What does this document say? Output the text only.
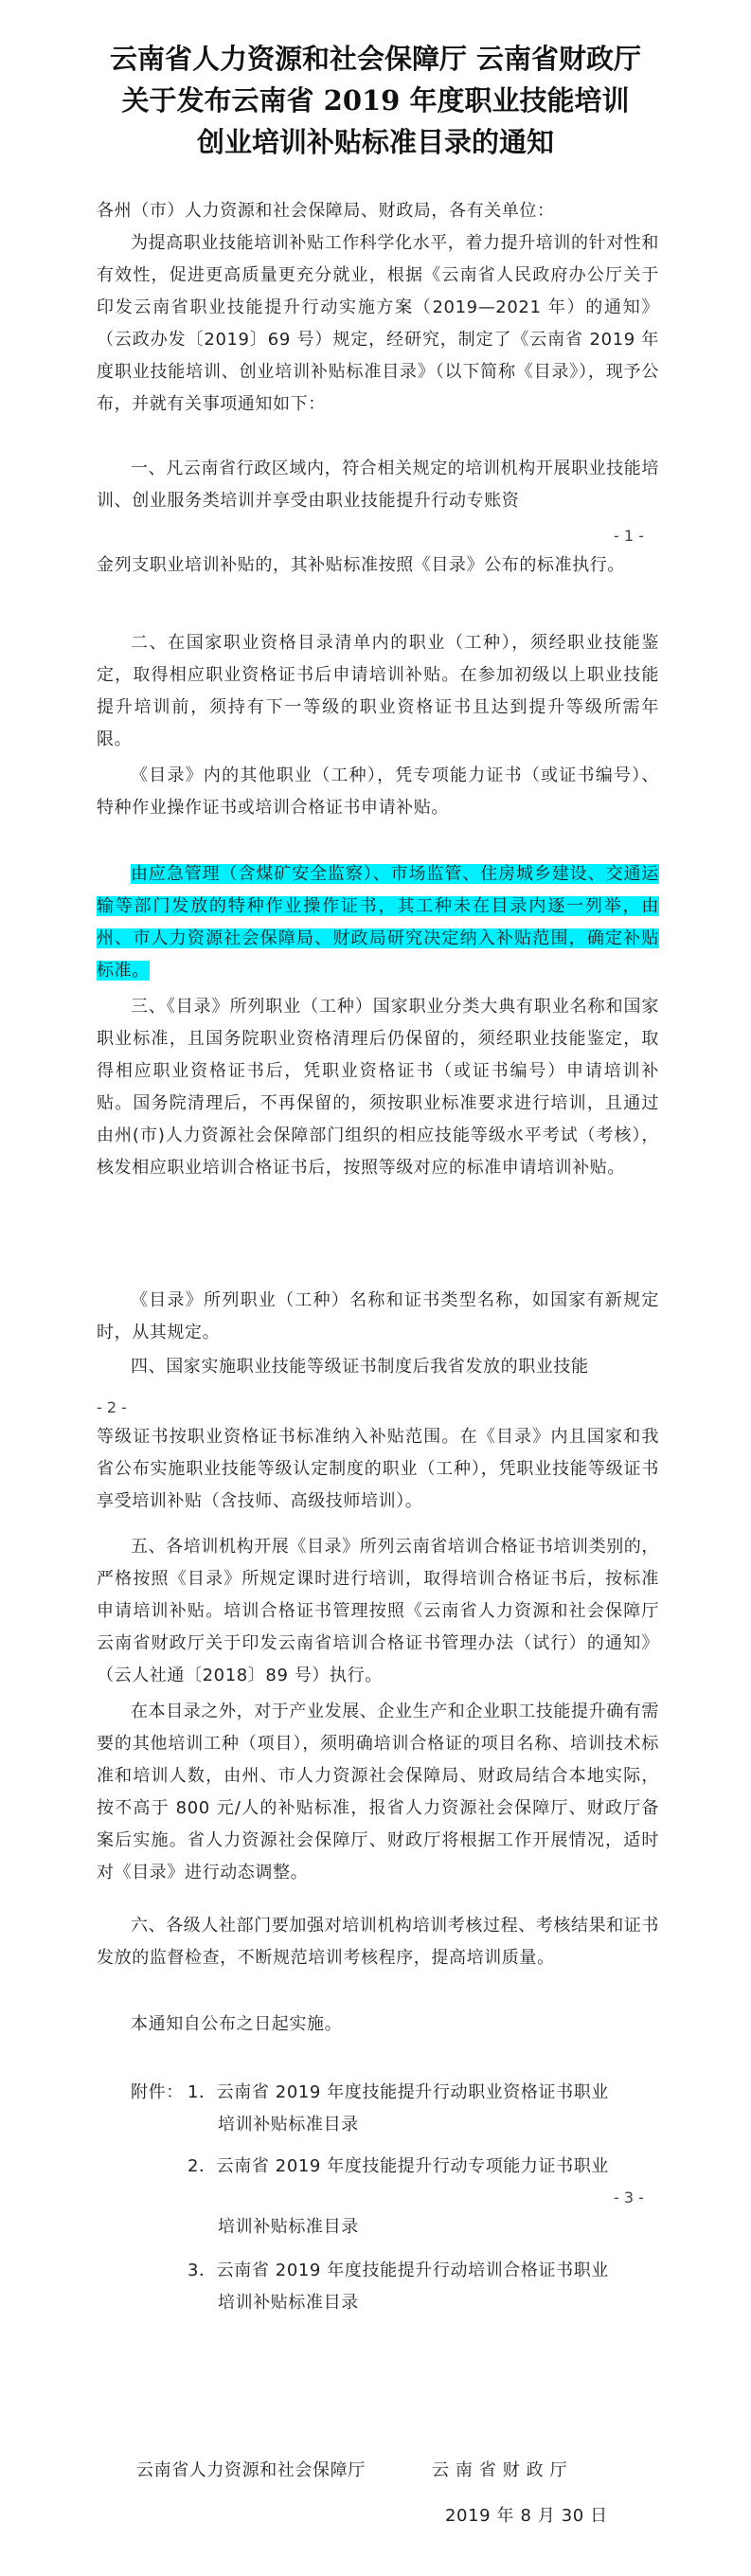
云南省人力资源和社会保障厅 云南省财政厅
关于发布云南省 2019 年度职业技能培训
创业培训补贴标准目录的通知
各州（市）人力资源和社会保障局、财政局，各有关单位：
为提高职业技能培训补贴工作科学化水平，着力提升培训的针对性和有效性，促进更高质量更充分就业，根据《云南省人民政府办公厅关于印发云南省职业技能提升行动实施方案（2019—2021 年）的通知》（云政办发〔2019〕69 号）规定，经研究，制定了《云南省 2019 年度职业技能培训、创业培训补贴标准目录》（以下简称《目录》），现予公布，并就有关事项通知如下：
一、凡云南省行政区域内，符合相关规定的培训机构开展职业技能培训、创业服务类培训并享受由职业技能提升行动专账资
- 1 -
金列支职业培训补贴的，其补贴标准按照《目录》公布的标准执行。
二、在国家职业资格目录清单内的职业（工种），须经职业技能鉴定，取得相应职业资格证书后申请培训补贴。在参加初级以上职业技能提升培训前，须持有下一等级的职业资格证书且达到提升等级所需年限。
《目录》内的其他职业（工种），凭专项能力证书（或证书编号）、特种作业操作证书或培训合格证书申请补贴。
由应急管理（含煤矿安全监察）、市场监管、住房城乡建设、交通运输等部门发放的特种作业操作证书，其工种未在目录内逐一列举，由州、市人力资源社会保障局、财政局研究决定纳入补贴范围，确定补贴标准。
三、《目录》所列职业（工种）国家职业分类大典有职业名称和国家职业标准，且国务院职业资格清理后仍保留的，须经职业技能鉴定，取得相应职业资格证书后，凭职业资格证书（或证书编号）申请培训补贴。国务院清理后，不再保留的，须按职业标准要求进行培训，且通过由州(市)人力资源社会保障部门组织的相应技能等级水平考试（考核），核发相应职业培训合格证书后，按照等级对应的标准申请培训补贴。
《目录》所列职业（工种）名称和证书类型名称，如国家有新规定时，从其规定。
四、国家实施职业技能等级证书制度后我省发放的职业技能
- 2 -
等级证书按职业资格证书标准纳入补贴范围。在《目录》内且国家和我省公布实施职业技能等级认定制度的职业（工种），凭职业技能等级证书享受培训补贴（含技师、高级技师培训）。
五、各培训机构开展《目录》所列云南省培训合格证书培训类别的，严格按照《目录》所规定课时进行培训，取得培训合格证书后，按标准申请培训补贴。培训合格证书管理按照《云南省人力资源和社会保障厅 云南省财政厅关于印发云南省培训合格证书管理办法（试行）的通知》（云人社通〔2018〕89 号）执行。
在本目录之外，对于产业发展、企业生产和企业职工技能提升确有需要的其他培训工种（项目），须明确培训合格证的项目名称、培训技术标准和培训人数，由州、市人力资源社会保障局、财政局结合本地实际，按不高于 800 元/人的补贴标准，报省人力资源社会保障厅、财政厅备案后实施。省人力资源社会保障厅、财政厅将根据工作开展情况，适时对《目录》进行动态调整。
六、各级人社部门要加强对培训机构培训考核过程、考核结果和证书发放的监督检查，不断规范培训考核程序，提高培训质量。
本通知自公布之日起实施。
附件： 1．云南省 2019 年度技能提升行动职业资格证书职业
培训补贴标准目录
2．云南省 2019 年度技能提升行动专项能力证书职业
培训补贴标准目录
3．云南省 2019 年度技能提升行动培训合格证书职业
培训补贴标准目录
- 3 -
云南省人力资源和社会保障厅	云 南 省 财 政 厅
2019 年 8 月 30 日
